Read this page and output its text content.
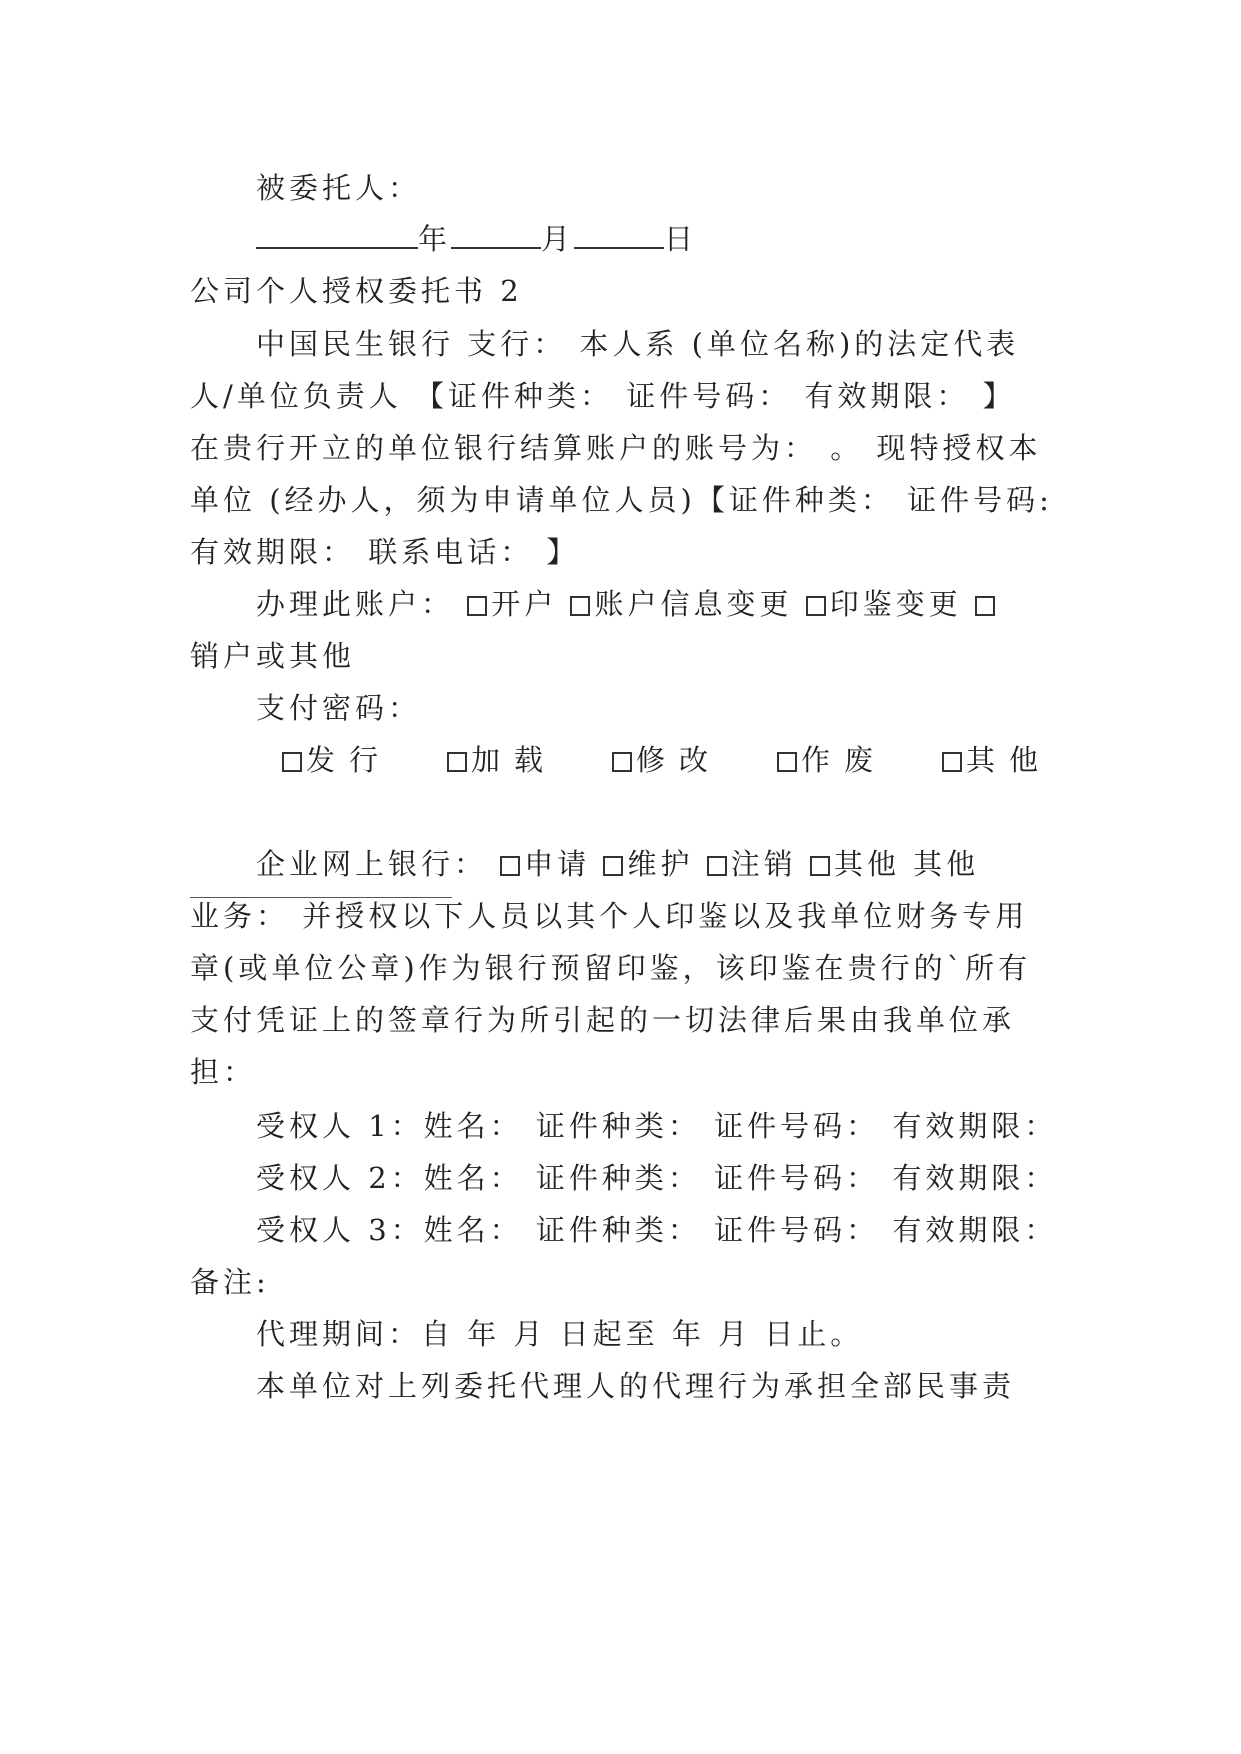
被委托人：
年	月	日
公司个人授权委托书 2
中国民生银行 支行： 本人系 (单位名称)的法定代表
人/单位负责人 【证件种类： 证件号码： 有效期限： 】
在贵行开立的单位银行结算账户的账号为： 。 现特授权本
单位 (经办人，须为申请单位人员)【证件种类： 证件号码:
有效期限： 联系电话： 】
办理此账户： 开户 账户信息变更 印鉴变更
销户或其他
支付密码：
发行	加载	修改	作废	其他
企业网上银行： 申请 维护 注销 其他 其他
业务： 并授权以下人员以其个人印鉴以及我单位财务专用
章(或单位公章)作为银行预留印鉴，该印鉴在贵行的`所有
支付凭证上的签章行为所引起的一切法律后果由我单位承
担：
受权人 1：姓名： 证件种类： 证件号码： 有效期限：
受权人 2：姓名： 证件种类： 证件号码： 有效期限：
受权人 3：姓名： 证件种类： 证件号码： 有效期限：
备注:
代理期间：自 年 月 日起至 年 月 日止。
本单位对上列委托代理人的代理行为承担全部民事责
